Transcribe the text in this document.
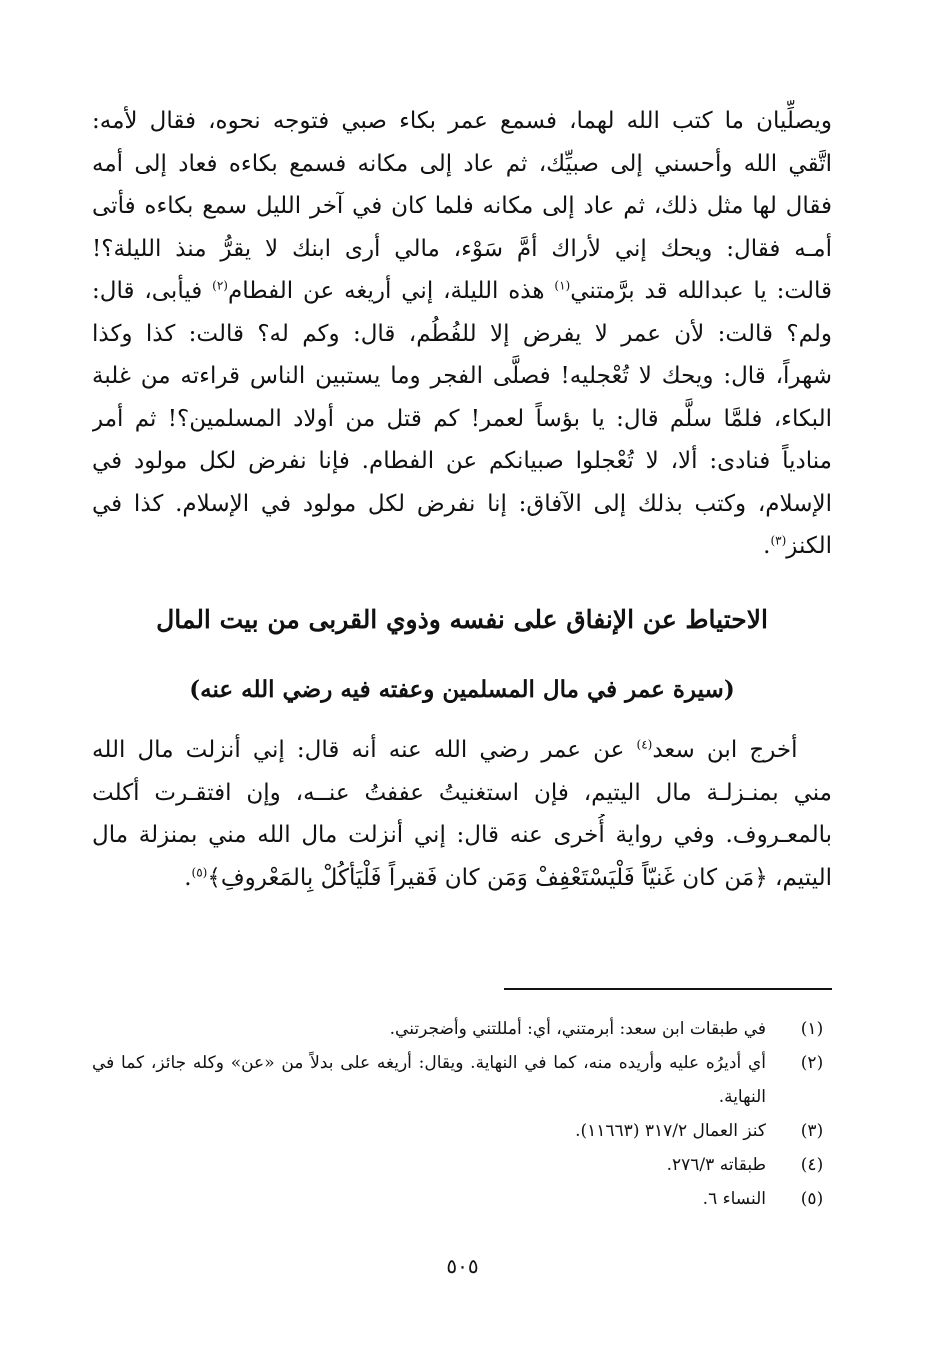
ويصلِّيان ما كتب الله لهما، فسمع عمر بكاء صبي فتوجه نحوه، فقال لأمه:
اتَّقي الله وأحسني إلى صبيِّك، ثم عاد إلى مكانه فسمع بكاءه فعاد إلى أمه
فقال لها مثل ذلك، ثم عاد إلى مكانه فلما كان في آخر الليل سمع بكاءه فأتى
أمـه فقال: ويحك إني لأراك أمَّ سَوْء، مالي أرى ابنك لا يقرُّ منذ الليلة؟!
قالت: يا عبدالله قد برَّمتني$^{(١)}$ هذه الليلة، إني أريغه عن الفطام$^{(٢)}$ فيأبى، قال:
ولم؟ قالت: لأن عمر لا يفرض إلا للفُطُم، قال: وكم له؟ قالت: كذا وكذا
شهراً، قال: ويحك لا تُعْجليه! فصلَّى الفجر وما يستبين الناس قراءته من غلبة
البكاء، فلمَّا سلَّم قال: يا بؤساً لعمر! كم قتل من أولاد المسلمين؟! ثم أمر
منادياً فنادى: ألا، لا تُعْجلوا صبيانكم عن الفطام. فإنا نفرض لكل مولود في
الإسلام، وكتب بذلك إلى الآفاق: إنا نفرض لكل مولود في الإسلام. كذا في
الكنز$^{(٣)}$.
الاحتياط عن الإنفاق على نفسه وذوي القربى من بيت المال
(سيرة عمر في مال المسلمين وعفته فيه رضي الله عنه)
  أخرج ابن سعد$^{(٤)}$ عن عمر رضي الله عنه أنه قال: إني أنزلت مال الله
مني بمنـزلـة مال اليتيم، فإن استغنيتُ عففتُ عنــه، وإن افتقـرت أكلت
بالمعـروف. وفي رواية أُخرى عنه قال: إني أنزلت مال الله مني بمنزلة مال
اليتيم، ﴿مَن كان غَنيّاً فَلْيَسْتَعْفِفْ وَمَن كان فَقيراً فَلْيَأكُلْ بِالمَعْروفِ﴾$^{(٥)}$.
(١)
في طبقات ابن سعد: أبرمتني، أي: أمللتني وأضجرتني.
(٢)
أي أديرُه عليه وأريده منه، كما في النهاية. ويقال: أريغه على بدلاً من «عن» وكله جائز، كما في النهاية.
(٣)
كنز العمال ٣١٧/٢ (١١٦٦٣).
(٤)
طبقاته ٢٧٦/٣.
(٥)
النساء ٦.
٥٠٥
